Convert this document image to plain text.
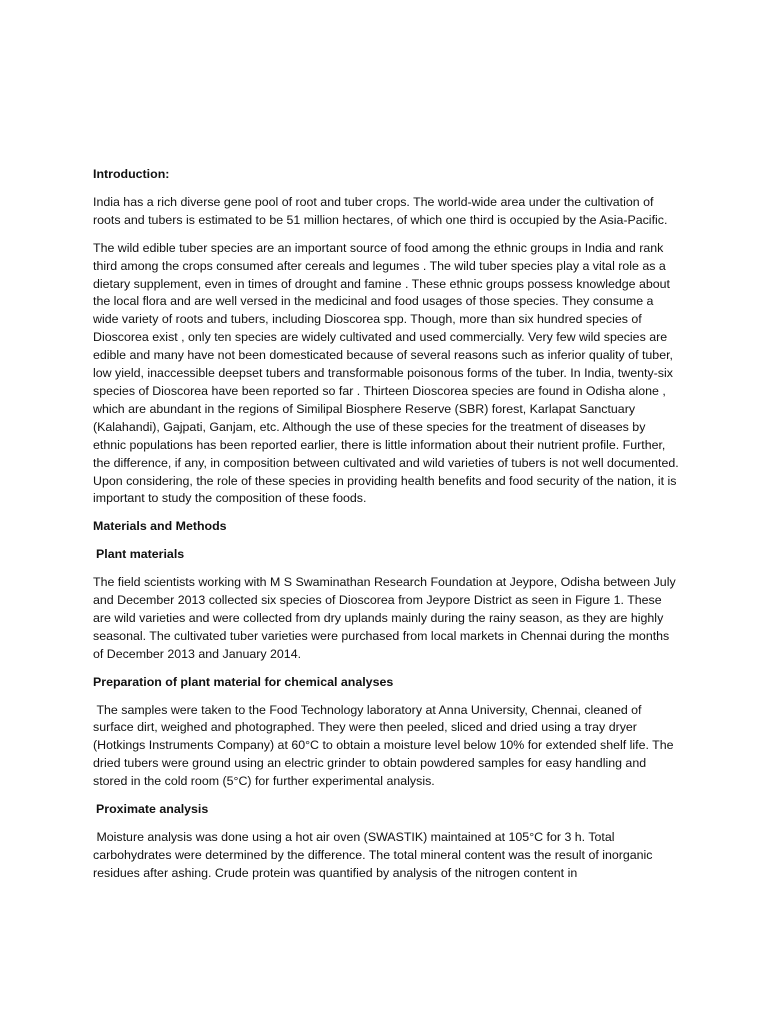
Introduction:

India has a rich diverse gene pool of root and tuber crops. The world-wide area under the cultivation of roots and tubers is estimated to be 51 million hectares, of which one third is occupied by the Asia-Pacific.

The wild edible tuber species are an important source of food among the ethnic groups in India and rank third among the crops consumed after cereals and legumes . The wild tuber species play a vital role as a dietary supplement, even in times of drought and famine . These ethnic groups possess knowledge about the local flora and are well versed in the medicinal and food usages of those species. They consume a wide variety of roots and tubers, including Dioscorea spp. Though, more than six hundred species of Dioscorea exist , only ten species are widely cultivated and used commercially. Very few wild species are edible and many have not been domesticated because of several reasons such as inferior quality of tuber, low yield, inaccessible deepset tubers and transformable poisonous forms of the tuber. In India, twenty-six species of Dioscorea have been reported so far . Thirteen Dioscorea species are found in Odisha alone , which are abundant in the regions of Similipal Biosphere Reserve (SBR) forest, Karlapat Sanctuary (Kalahandi), Gajpati, Ganjam, etc. Although the use of these species for the treatment of diseases by ethnic populations has been reported earlier, there is little information about their nutrient profile. Further, the difference, if any, in composition between cultivated and wild varieties of tubers is not well documented. Upon considering, the role of these species in providing health benefits and food security of the nation, it is important to study the composition of these foods.

Materials and Methods
Plant materials

The field scientists working with M S Swaminathan Research Foundation at Jeypore, Odisha between July and December 2013 collected six species of Dioscorea from Jeypore District as seen in Figure 1. These are wild varieties and were collected from dry uplands mainly during the rainy season, as they are highly seasonal. The cultivated tuber varieties were purchased from local markets in Chennai during the months of December 2013 and January 2014.

Preparation of plant material for chemical analyses

The samples were taken to the Food Technology laboratory at Anna University, Chennai, cleaned of surface dirt, weighed and photographed. They were then peeled, sliced and dried using a tray dryer (Hotkings Instruments Company) at 60°C to obtain a moisture level below 10% for extended shelf life. The dried tubers were ground using an electric grinder to obtain powdered samples for easy handling and stored in the cold room (5°C) for further experimental analysis.

Proximate analysis

Moisture analysis was done using a hot air oven (SWASTIK) maintained at 105°C for 3 h. Total carbohydrates were determined by the difference. The total mineral content was the result of inorganic residues after ashing. Crude protein was quantified by analysis of the nitrogen content in
